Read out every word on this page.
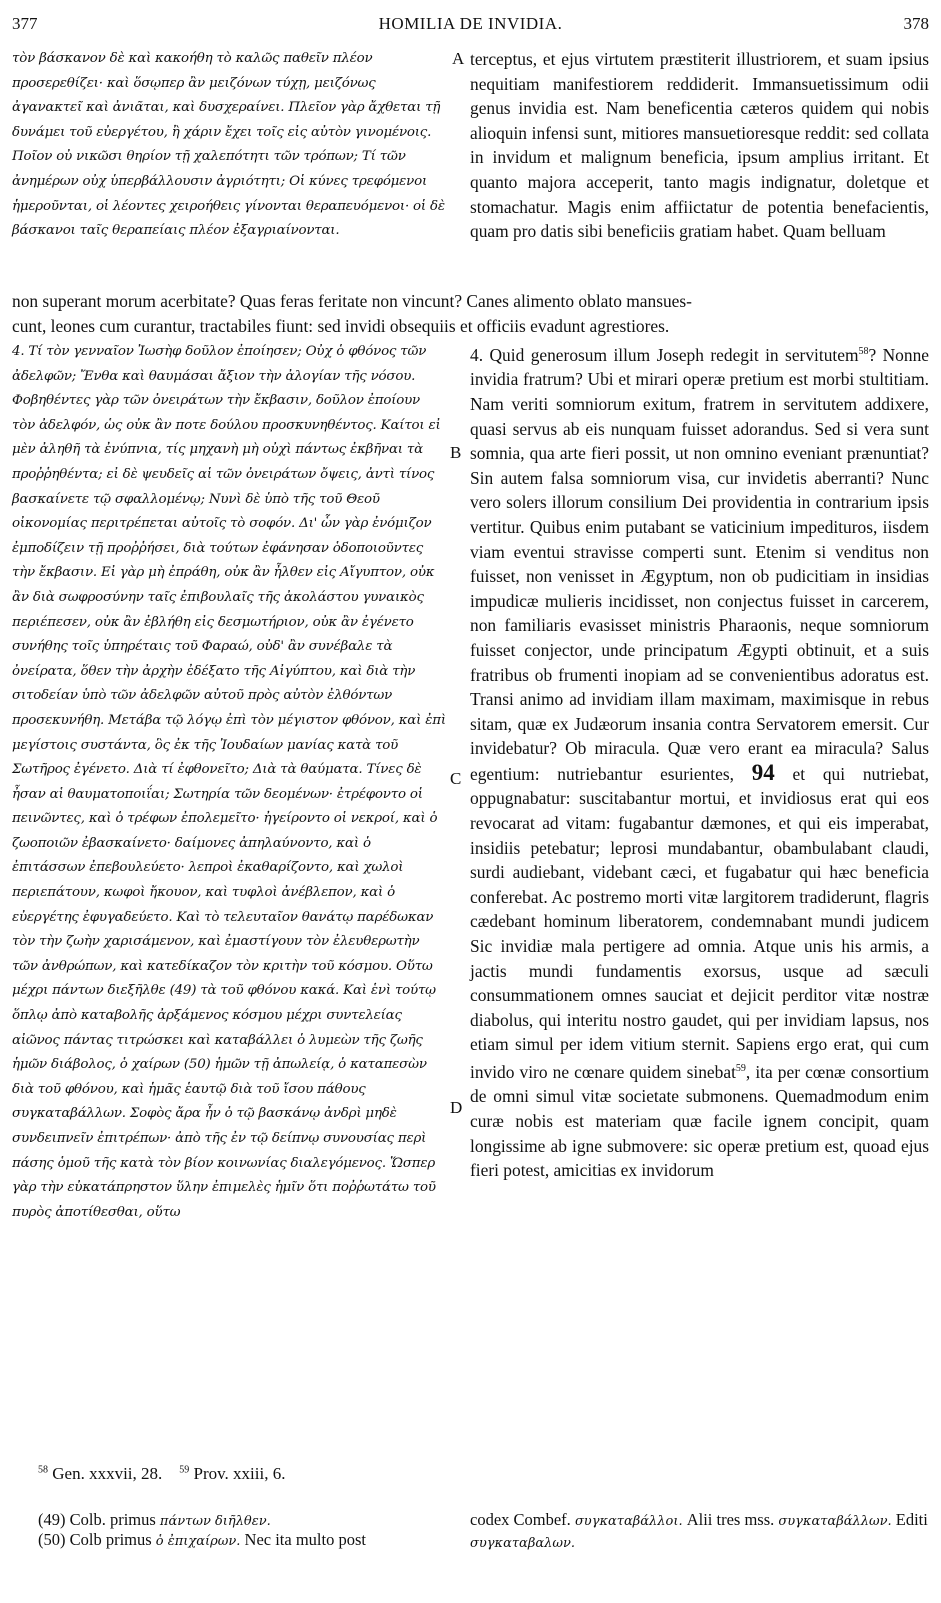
377	HOMILIA DE INVIDIA.	378

τὸν βάσκανον δὲ καὶ κακοήθη τὸ καλῶς παθεῖν πλέον προσερεθίζει· καὶ ὅσῳπερ ἂν μειζόνων τύχῃ, μειζόνως ἀγανακτεῖ καὶ ἀνιᾶται, καὶ δυσχεραίνει. Πλεῖον γὰρ ἄχθεται τῇ δυνάμει τοῦ εὐεργέτου, ἢ χάριν ἔχει τοῖς εἰς αὐτὸν γινομένοις. Ποῖον οὐ νικῶσι θηρίον τῇ χαλεπότητι τῶν τρόπων; Τί τῶν ἀνημέρων οὐχ ὑπερβάλλουσιν ἀγριότητι; Οἱ κύνες τρεφόμενοι ἡμεροῦνται, οἱ λέοντες χειροήθεις γίνονται θεραπευόμενοι· οἱ δὲ βάσκανοι ταῖς θεραπείαις πλέον ἐξαγριαίνονται.

A terceptus, et ejus virtutem præstiterit illustriorem, et suam ipsius nequitiam manifestiorem reddiderit. Immansuetissimum odii genus invidia est. Nam beneficentia cæteros quidem qui nobis alioquin infensi sunt, mitiores mansuetioresque reddit: sed collata in invidum et malignum beneficia, ipsum amplius irritant. Et quanto majora acceperit, tanto magis indignatur, doletque et stomachatur. Magis enim affiictatur de potentia benefacientis, quam pro datis sibi beneficiis gratiam habet. Quam belluam

non superant morum acerbitate? Quas feras feritate non vincunt? Canes alimento oblato mansues-
cunt, leones cum curantur, tractabiles fiunt: sed invidi obsequiis et officiis evadunt agrestiores.

4. Τί τὸν γενναῖον Ἰωσὴφ δοῦλον ἐποίησεν; Οὐχ ὁ φθόνος τῶν ἀδελφῶν; Ἔνθα καὶ θαυμάσαι ἄξιον τὴν ἀλογίαν τῆς νόσου. Φοβηθέντες γὰρ τῶν ὀνειράτων τὴν ἔκβασιν, δοῦλον ἐποίουν τὸν ἀδελφόν, ὡς οὐκ ἂν ποτε δούλου προσκυνηθέντος. Καίτοι εἰ μὲν ἀληθῆ τὰ ἐνύπνια, τίς μηχανὴ μὴ οὐχὶ πάντως ἐκβῆναι τὰ προῤῥηθέντα; εἰ δὲ ψευδεῖς αἱ τῶν ὀνειράτων ὄψεις, ἀντὶ τίνος βασκαίνετε τῷ σφαλλομένῳ; Νυνὶ δὲ ὑπὸ τῆς τοῦ Θεοῦ οἰκονομίας περιτρέπεται αὐτοῖς τὸ σοφόν. Δι' ὧν γὰρ ἐνόμιζον ἐμποδίζειν τῇ προῤῥήσει, διὰ τούτων ἐφάνησαν ὁδοποιοῦντες τὴν ἔκβασιν. Εἰ γὰρ μὴ ἐπράθη, οὐκ ἂν ἦλθεν εἰς Αἴγυπτον, οὐκ ἂν διὰ σωφροσύνην ταῖς ἐπιβουλαῖς τῆς ἀκολάστου γυναικὸς περιέπεσεν, οὐκ ἂν ἐβλήθη εἰς δεσμωτήριον, οὐκ ἂν ἐγένετο συνήθης τοῖς ὑπηρέταις τοῦ Φαραώ, οὐδ' ἂν συνέβαλε τὰ ὀνείρατα, ὅθεν τὴν ἀρχὴν ἐδέξατο τῆς Αἰγύπτου, καὶ διὰ τὴν σιτοδείαν ὑπὸ τῶν ἀδελφῶν αὐτοῦ πρὸς αὐτὸν ἐλθόντων προσεκυνήθη. Μετάβα τῷ λόγῳ ἐπὶ τὸν μέγιστον φθόνον, καὶ ἐπὶ μεγίστοις συστάντα, ὃς ἐκ τῆς Ἰουδαίων μανίας κατὰ τοῦ Σωτῆρος ἐγένετο. Διὰ τί ἐφθονεῖτο; Διὰ τὰ θαύματα. Τίνες δὲ ἦσαν αἱ θαυματοποιΐαι; Σωτηρία τῶν δεομένων· ἐτρέφοντο οἱ πεινῶντες, καὶ ὁ τρέφων ἐπολεμεῖτο· ἠγείροντο οἱ νεκροί, καὶ ὁ ζωοποιῶν ἐβασκαίνετο· δαίμονες ἀπηλαύνοντο, καὶ ὁ ἐπιτάσσων ἐπεβουλεύετο· λεπροὶ ἐκαθαρίζοντο, καὶ χωλοὶ περιεπάτουν, κωφοὶ ἤκουον, καὶ τυφλοὶ ἀνέβλεπον, καὶ ὁ εὐεργέτης ἐφυγαδεύετο. Καὶ τὸ τελευταῖον θανάτῳ παρέδωκαν τὸν τὴν ζωὴν χαρισάμενον, καὶ ἐμαστίγουν τὸν ἐλευθερωτὴν τῶν ἀνθρώπων, καὶ κατεδίκαζον τὸν κριτὴν τοῦ κόσμου. Οὕτω μέχρι πάντων διεξῆλθε (49) τὰ τοῦ φθόνου κακά. Καὶ ἑνὶ τούτῳ ὅπλῳ ἀπὸ καταβολῆς ἀρξάμενος κόσμου μέχρι συντελείας αἰῶνος πάντας τιτρώσκει καὶ καταβάλλει ὁ λυμεὼν τῆς ζωῆς ἡμῶν διάβολος, ὁ χαίρων (50) ἡμῶν τῇ ἀπωλείᾳ, ὁ καταπεσὼν διὰ τοῦ φθόνου, καὶ ἡμᾶς ἑαυτῷ διὰ τοῦ ἴσου πάθους συγκαταβάλλων. Σοφὸς ἄρα ἦν ὁ τῷ βασκάνῳ ἀνδρὶ μηδὲ συνδειπνεῖν ἐπιτρέπων· ἀπὸ τῆς ἐν τῷ δείπνῳ συνουσίας περὶ πάσης ὁμοῦ τῆς κατὰ τὸν βίον κοινωνίας διαλεγόμενος. Ὥσπερ γὰρ τὴν εὐκατάπρηστον ὕλην ἐπιμελὲς ἡμῖν ὅτι ποῤῥωτάτω τοῦ πυρὸς ἀποτίθεσθαι, οὕτω

B
C
D

4. Quid generosum illum Joseph redegit in servitutem$^{58}$? Nonne invidia fratrum? Ubi et mirari operæ pretium est morbi stultitiam. Nam veriti somniorum exitum, fratrem in servitutem addixere, quasi servus ab eis nunquam fuisset adorandus. Sed si vera sunt somnia, qua arte fieri possit, ut non omnino eveniant prænuntiat? Sin autem falsa somniorum visa, cur invidetis aberranti? Nunc vero solers illorum consilium Dei providentia in contrarium ipsis vertitur. Quibus enim putabant se vaticinium impedituros, iisdem viam eventui stravisse comperti sunt. Etenim si venditus non fuisset, non venisset in Ægyptum, non ob pudicitiam in insidias impudicæ mulieris incidisset, non conjectus fuisset in carcerem, non familiaris evasisset ministris Pharaonis, neque somniorum fuisset conjector, unde principatum Ægypti obtinuit, et a suis fratribus ob frumenti inopiam ad se convenientibus adoratus est. Transi animo ad invidiam illam maximam, maximisque in rebus sitam, quæ ex Judæorum insania contra Servatorem emersit. Cur invidebatur? Ob miracula. Quæ vero erant ea miracula? Salus egentium: nutriebantur esurientes, 94 et qui nutriebat, oppugnabatur: suscitabantur mortui, et invidiosus erat qui eos revocarat ad vitam: fugabantur dæmones, et qui eis imperabat, insidiis petebatur; leprosi mundabantur, obambulabant claudi, surdi audiebant, videbant cæci, et fugabatur qui hæc beneficia conferebat. Ac postremo morti vitæ largitorem tradiderunt, flagris cædebant hominum liberatorem, condemnabant mundi judicem Sic invidiæ mala pertigere ad omnia. Atque unis his armis, a jactis mundi fundamentis exorsus, usque ad sæculi consummationem omnes sauciat et dejicit perditor vitæ nostræ diabolus, qui interitu nostro gaudet, qui per invidiam lapsus, nos etiam simul per idem vitium sternit. Sapiens ergo erat, qui cum invido viro ne cœnare quidem sinebat$^{59}$, ita per cœnæ consortium de omni simul vitæ societate submonens. Quemadmodum enim curæ nobis est materiam quæ facile ignem concipit, quam longissime ab igne submovere: sic operæ pretium est, quoad ejus fieri potest, amicitias ex invidorum

$^{58}$ Gen. xxxvii, 28. $^{59}$ Prov. xxiii, 6.
(49) Colb. primus πάντων διῆλθεν.
(50) Colb primus ὁ ἐπιχαίρων. Nec ita multo post
codex Combef. συγκαταβάλλοι. Alii tres mss. συγκαταβάλλων. Editi συγκαταβαλων.
